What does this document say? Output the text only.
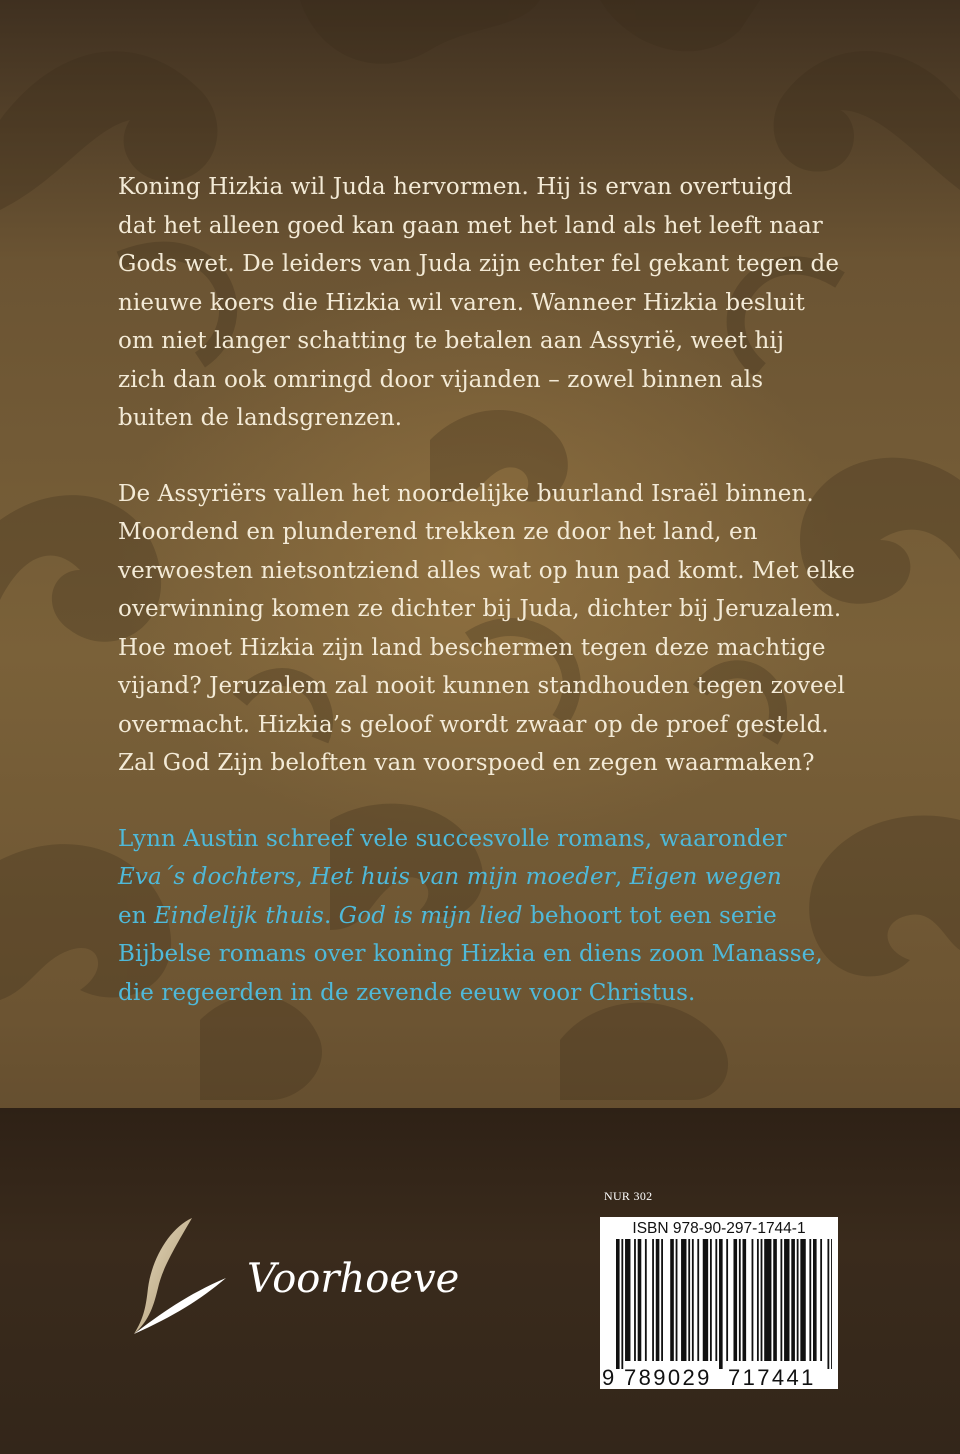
Koning Hizkia wil Juda hervormen. Hij is ervan overtuigd
dat het alleen goed kan gaan met het land als het leeft naar
Gods wet. De leiders van Juda zijn echter fel gekant tegen de
nieuwe koers die Hizkia wil varen. Wanneer Hizkia besluit
om niet langer schatting te betalen aan Assyrië, weet hij
zich dan ook omringd door vijanden – zowel binnen als
buiten de landsgrenzen.

De Assyriërs vallen het noordelijke buurland Israël binnen.
Moordend en plunderend trekken ze door het land, en
verwoesten nietsontziend alles wat op hun pad komt. Met elke
overwinning komen ze dichter bij Juda, dichter bij Jeruzalem.
Hoe moet Hizkia zijn land beschermen tegen deze machtige
vijand? Jeruzalem zal nooit kunnen standhouden tegen zoveel
overmacht. Hizkia’s geloof wordt zwaar op de proef gesteld.
Zal God Zijn beloften van voorspoed en zegen waarmaken?

Lynn Austin schreef vele succesvolle romans, waaronder
Eva´s dochters, Het huis van mijn moeder, Eigen wegen
en Eindelijk thuis. God is mijn lied behoort tot een serie
Bijbelse romans over koning Hizkia en diens zoon Manasse,
die regeerden in de zevende eeuw voor Christus.

Voorhoeve
NUR 302
ISBN 978-90-297-1744-1
9 789029 717441
